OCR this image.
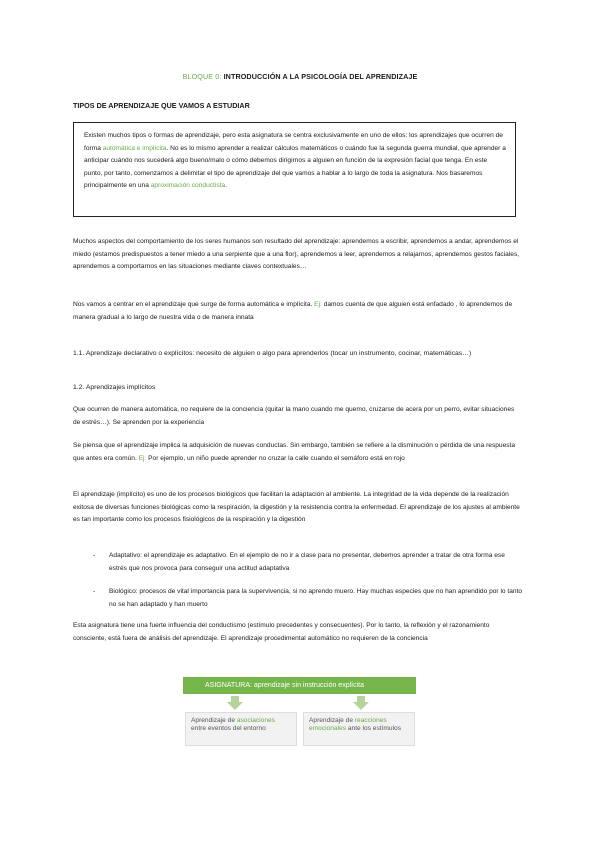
BLOQUE 0: INTRODUCCIÓN A LA PSICOLOGÍA DEL APRENDIZAJE
TIPOS DE APRENDIZAJE QUE VAMOS A ESTUDIAR

Existen muchos tipos o formas de aprendizaje, pero esta asignatura se centra exclusivamente en uno de ellos: los aprendizajes que ocurren de forma automática e implícita. No es lo mismo aprender a realizar cálculos matemáticos o cuándo fue la segunda guerra mundial, que aprender a anticipar cuándo nos sucederá algo bueno/malo o cómo debemos dirigirnos a alguien en función de la expresión facial que tenga. En este punto, por tanto, comenzamos a delimitar el tipo de aprendizaje del que vamos a hablar a lo largo de toda la asignatura. Nos basaremos principalmente en una aproximación conductista.

Muchos aspectos del comportamiento de los seres humanos son resultado del aprendizaje: aprendemos a escribir, aprendemos a andar, aprendemos el miedo (estamos predispuestos a tener miedo a una serpiente que a una flor), aprendemos a leer, aprendemos a relajarnos, aprendemos gestos faciales, aprendemos a comportarnos en las situaciones mediante claves contextuales…

Nos vamos a centrar en el aprendizaje que surge de forma automática e implícita. Ej: damos cuenta de que alguien está enfadado , lo aprendemos de manera gradual a lo largo de nuestra vida o de manera innata

1.1. Aprendizaje declarativo o explícitos: necesito de alguien o algo para aprenderlos (tocar un instrumento, cocinar, matemáticas…)

1.2. Aprendizajes implícitos

Que ocurren de manera automática, no requiere de la conciencia (quitar la mano cuando me quemo, cruzarse de acera por un perro, evitar situaciones de estrés…). Se aprenden por la experiencia

Se piensa que el aprendizaje implica la adquisición de nuevas conductas. Sin embargo, también se refiere a la disminución o pérdida de una respuesta que antes era común. Ej: Por ejemplo, un niño puede aprender no cruzar la calle cuando el semáforo está en rojo

El aprendizaje (implícito) es uno de los procesos biológicos que facilitan la adaptación al ambiente. La integridad de la vida depende de la realización exitosa de diversas funciones biológicas como la respiración, la digestión y la resistencia contra la enfermedad. El aprendizaje de los ajustes al ambiente es tan importante como los procesos fisiológicos de la respiración y la digestión

-	Adaptativo: el aprendizaje es adaptativo. En el ejemplo de no ir a clase para no presentar, debemos aprender a tratar de otra forma ese estrés que nos provoca para conseguir una actitud adaptativa

-	Biológico: procesos de vital importancia para la supervivencia, si no aprendo muero. Hay muchas especies que no han aprendido por lo tanto no se han adaptado y han muerto

Esta asignatura tiene una fuerte influencia del conductismo (estímulo precedentes y consecuentes). Por lo tanto, la reflexión y el razonamiento consciente, está fuera de análisis del aprendizaje. El aprendizaje procedimental automático no requieren de la conciencia

ASIGNATURA: aprendizaje sin instrucción explícita
Aprendizaje de asociaciones entre eventos del entorno
Aprendizaje de reacciones emocionales ante los estímulos
